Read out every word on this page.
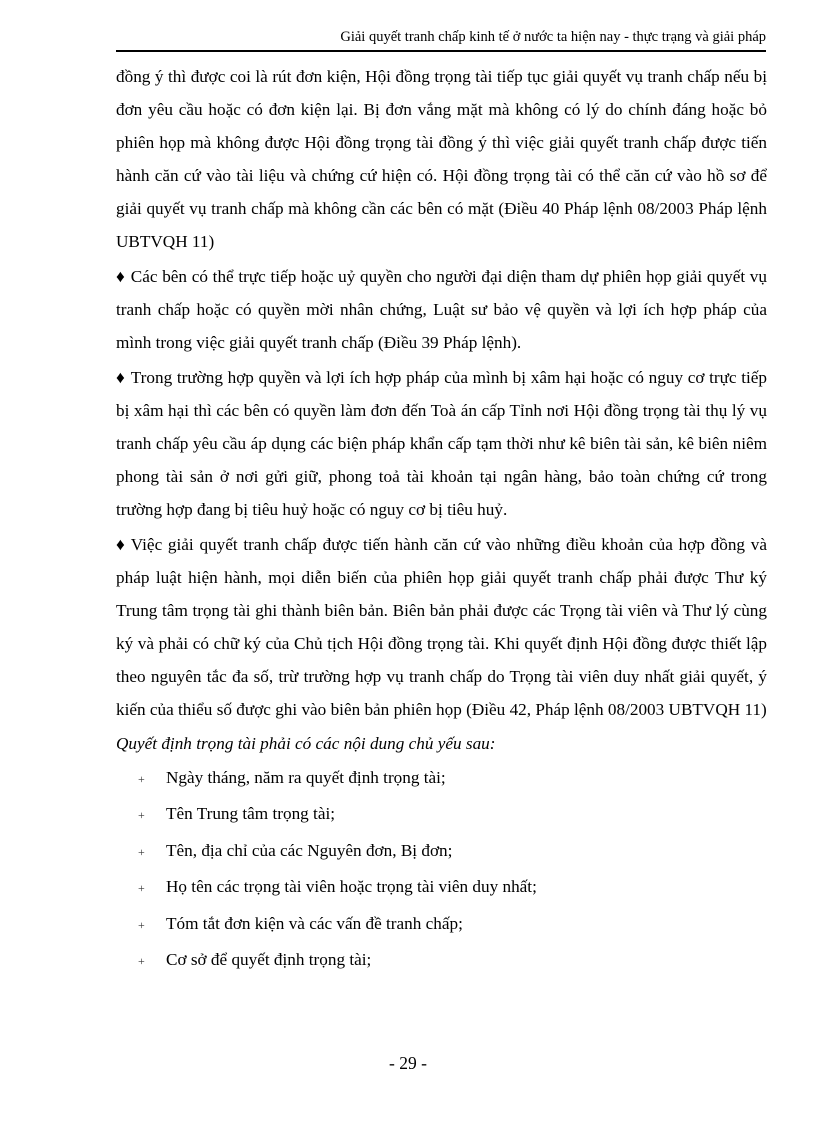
Giải quyết tranh chấp kinh tế ở nước ta hiện nay - thực trạng và giải pháp

đồng ý thì được coi là rút đơn kiện, Hội đồng trọng tài tiếp tục giải quyết vụ tranh chấp nếu bị đơn yêu cầu hoặc có đơn kiện lại. Bị đơn vắng mặt mà không có lý do chính đáng hoặc bỏ phiên họp mà không được Hội đồng trọng tài đồng ý thì việc giải quyết tranh chấp được tiến hành căn cứ vào tài liệu và chứng cứ hiện có. Hội đồng trọng tài có thể căn cứ vào hồ sơ để giải quyết vụ tranh chấp mà không cần các bên có mặt (Điều 40 Pháp lệnh 08/2003 Pháp lệnh UBTVQH 11)

♦ Các bên có thể trực tiếp hoặc uỷ quyền cho người đại diện tham dự phiên họp giải quyết vụ tranh chấp hoặc có quyền mời nhân chứng, Luật sư bảo vệ quyền và lợi ích hợp pháp của mình trong việc giải quyết tranh chấp (Điều 39 Pháp lệnh).

♦ Trong trường hợp quyền và lợi ích hợp pháp của mình bị xâm hại hoặc có nguy cơ trực tiếp bị xâm hại thì các bên có quyền làm đơn đến Toà án cấp Tỉnh nơi Hội đồng trọng tài thụ lý vụ tranh chấp yêu cầu áp dụng các biện pháp khẩn cấp tạm thời như kê biên tài sản, kê biên niêm phong tài sản ở nơi gửi giữ, phong toả tài khoản tại ngân hàng, bảo toàn chứng cứ trong trường hợp đang bị tiêu huỷ hoặc có nguy cơ bị tiêu huỷ.

♦ Việc giải quyết tranh chấp được tiến hành căn cứ vào những điều khoản của hợp đồng và pháp luật hiện hành, mọi diễn biến của phiên họp giải quyết tranh chấp phải được Thư ký Trung tâm trọng tài ghi thành biên bản. Biên bản phải được các Trọng tài viên và Thư lý cùng ký và phải có chữ ký của Chủ tịch Hội đồng trọng tài. Khi quyết định Hội đồng được thiết lập theo nguyên tắc đa số, trừ trường hợp vụ tranh chấp do Trọng tài viên duy nhất giải quyết, ý kiến của thiểu số được ghi vào biên bản phiên họp (Điều 42, Pháp lệnh 08/2003 UBTVQH 11)

Quyết định trọng tài phải có các nội dung chủ yếu sau:

+ Ngày tháng, năm ra quyết định trọng tài;
+ Tên Trung tâm trọng tài;
+ Tên, địa chỉ của các Nguyên đơn, Bị đơn;
+ Họ tên các trọng tài viên hoặc trọng tài viên duy nhất;
+ Tóm tắt đơn kiện và các vấn đề tranh chấp;
+ Cơ sở để quyết định trọng tài;
- 29 -
